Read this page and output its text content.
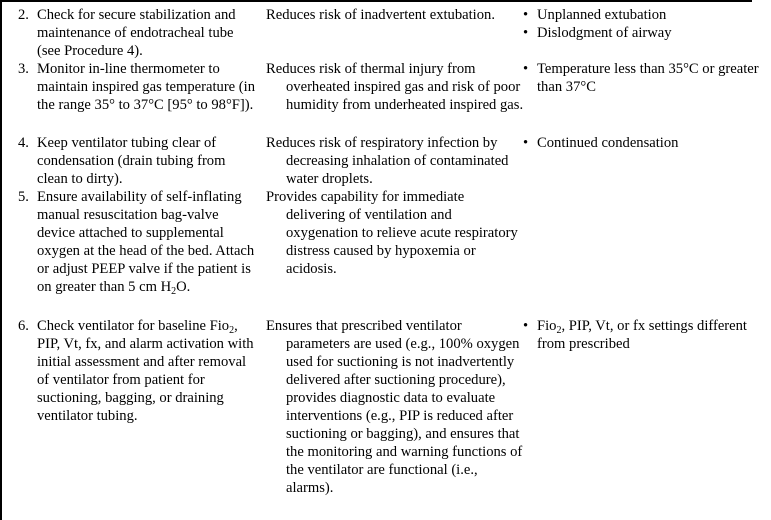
2. Check for secure stabilization and maintenance of endotracheal tube (see Procedure 4).
Reduces risk of inadvertent extubation.	• Unplanned extubation
• Dislodgment of airway
3. Monitor in-line thermometer to maintain inspired gas temperature (in the range 35° to 37°C [95° to 98°F]).
Reduces risk of thermal injury from overheated inspired gas and risk of poor humidity from underheated inspired gas.
• Temperature less than 35°C or greater than 37°C
4. Keep ventilator tubing clear of condensation (drain tubing from clean to dirty).
Reduces risk of respiratory infection by decreasing inhalation of contaminated water droplets.
• Continued condensation
5. Ensure availability of self-inflating manual resuscitation bag-valve device attached to supplemental oxygen at the head of the bed. Attach or adjust PEEP valve if the patient is on greater than 5 cm $H_2O$.
Provides capability for immediate delivering of ventilation and oxygenation to relieve acute respiratory distress caused by hypoxemia or acidosis.
6. Check ventilator for baseline Fio$_2$, PIP, Vt, fx, and alarm activation with initial assessment and after removal of ventilator from patient for suctioning, bagging, or draining ventilator tubing.
Ensures that prescribed ventilator parameters are used (e.g., 100% oxygen used for suctioning is not inadvertently delivered after suctioning procedure), provides diagnostic data to evaluate interventions (e.g., PIP is reduced after suctioning or bagging), and ensures that the monitoring and warning functions of the ventilator are functional (i.e., alarms).
• Fio$_2$, PIP, Vt, or fx settings different from prescribed
